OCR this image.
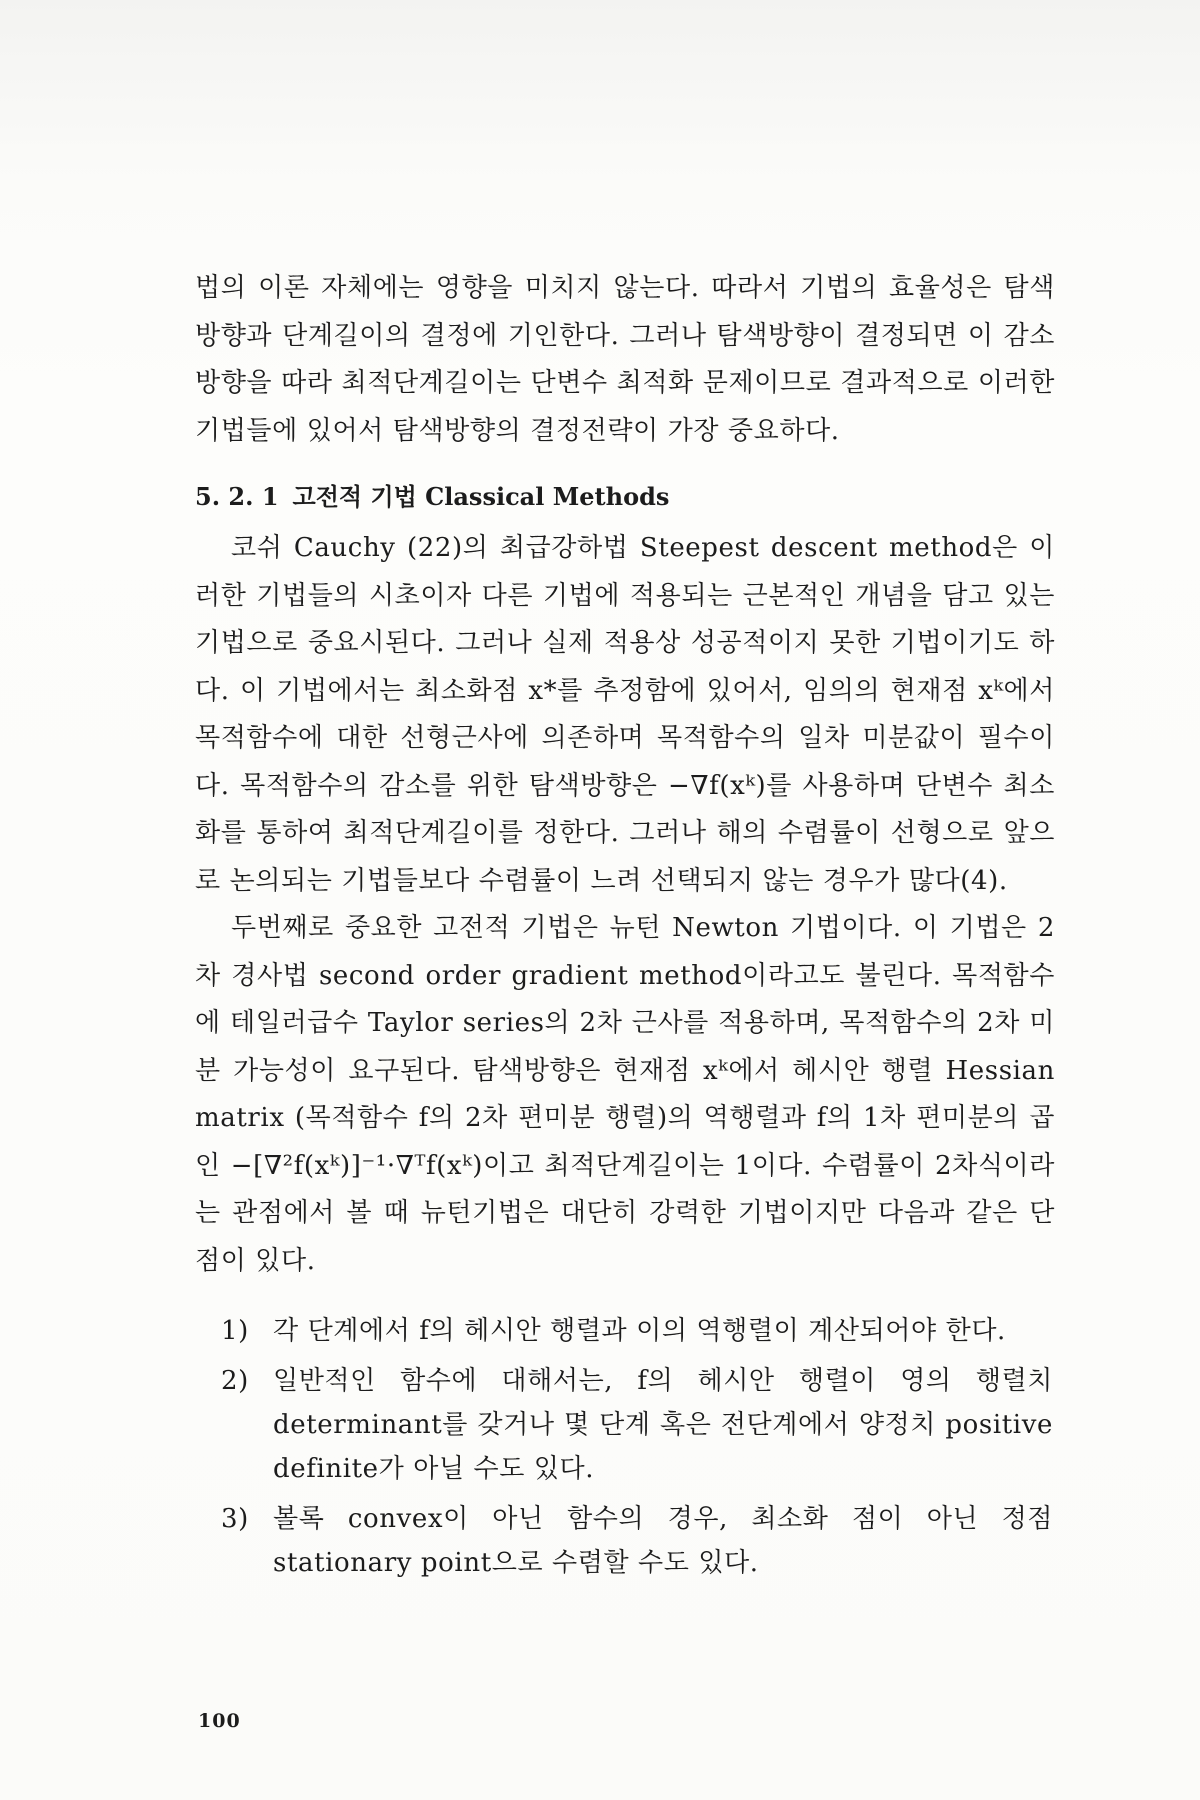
법의 이론 자체에는 영향을 미치지 않는다. 따라서 기법의 효율성은 탐색방향과 단계길이의 결정에 기인한다. 그러나 탐색방향이 결정되면 이 감소방향을 따라 최적단계길이는 단변수 최적화 문제이므로 결과적으로 이러한 기법들에 있어서 탐색방향의 결정전략이 가장 중요하다.

5. 2. 1 고전적 기법 Classical Methods

코쉬 Cauchy (22)의 최급강하법 Steepest descent method은 이러한 기법들의 시초이자 다른 기법에 적용되는 근본적인 개념을 담고 있는 기법으로 중요시된다. 그러나 실제 적용상 성공적이지 못한 기법이기도 하다. 이 기법에서는 최소화점 x*를 추정함에 있어서, 임의의 현재점 xᵏ에서 목적함수에 대한 선형근사에 의존하며 목적함수의 일차 미분값이 필수이다. 목적함수의 감소를 위한 탐색방향은 −∇f(xᵏ)를 사용하며 단변수 최소화를 통하여 최적단계길이를 정한다. 그러나 해의 수렴률이 선형으로 앞으로 논의되는 기법들보다 수렴률이 느려 선택되지 않는 경우가 많다(4).

두번째로 중요한 고전적 기법은 뉴턴 Newton 기법이다. 이 기법은 2차 경사법 second order gradient method이라고도 불린다. 목적함수에 테일러급수 Taylor series의 2차 근사를 적용하며, 목적함수의 2차 미분 가능성이 요구된다. 탐색방향은 현재점 xᵏ에서 헤시안 행렬 Hessian matrix (목적함수 f의 2차 편미분 행렬)의 역행렬과 f의 1차 편미분의 곱인 −[∇²f(xᵏ)]⁻¹·∇ᵀf(xᵏ)이고 최적단계길이는 1이다. 수렴률이 2차식이라는 관점에서 볼 때 뉴턴기법은 대단히 강력한 기법이지만 다음과 같은 단점이 있다.

1) 각 단계에서 f의 헤시안 행렬과 이의 역행렬이 계산되어야 한다.
2) 일반적인 함수에 대해서는, f의 헤시안 행렬이 영의 행렬치 determinant를 갖거나 몇 단계 혹은 전단계에서 양정치 positive definite가 아닐 수도 있다.
3) 볼록 convex이 아닌 함수의 경우, 최소화 점이 아닌 정점 stationary point으로 수렴할 수도 있다.
100
